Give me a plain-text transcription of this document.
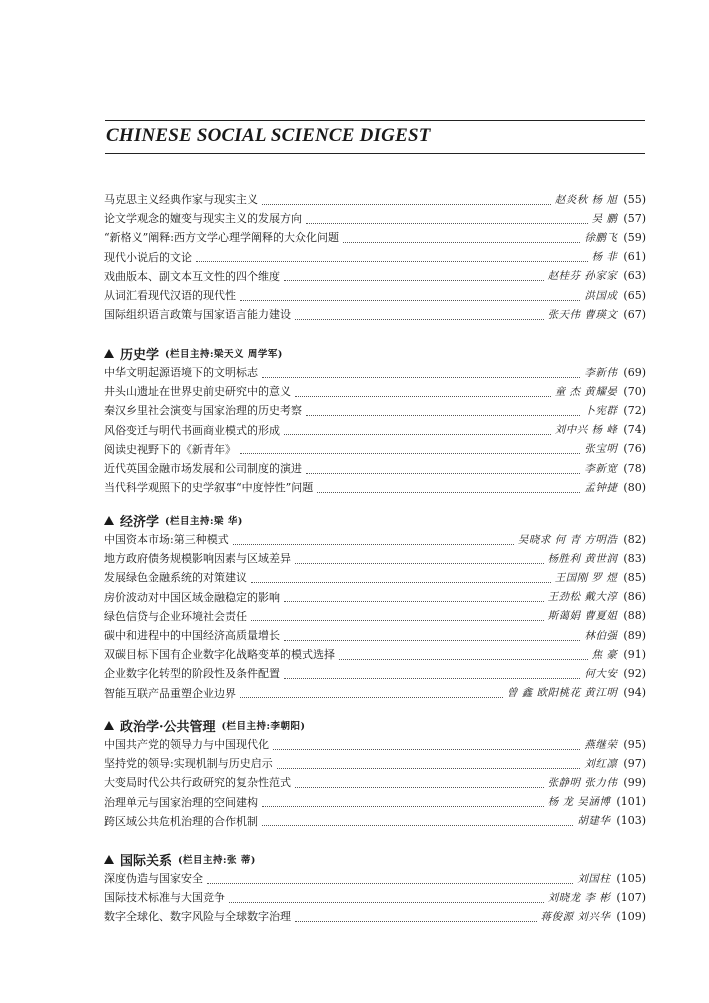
CHINESE SOCIAL SCIENCE DIGEST
马克思主义经典作家与现实主义	赵炎秋 杨 旭 (55)
论文学观念的嬗变与现实主义的发展方向	吴 鹏 (57)
“新格义”阐释:西方文学心理学阐释的大众化问题	徐鹏飞 (59)
现代小说后的文论	杨 非 (61)
戏曲版本、副文本互文性的四个维度	赵桂芬 孙家家 (63)
从词汇看现代汉语的现代性	洪国成 (65)
国际组织语言政策与国家语言能力建设	张天伟 曹瑛文 (67)
历史学 (栏目主持:梁天义 周学军)
中华文明起源语境下的文明标志	李新伟 (69)
井头山遗址在世界史前史研究中的意义	童 杰 黄耀晏 (70)
秦汉乡里社会演变与国家治理的历史考察	卜宪群 (72)
风俗变迁与明代书画商业模式的形成	刘中兴 杨 峰 (74)
阅读史视野下的《新青年》	张宝明 (76)
近代英国金融市场发展和公司制度的演进	李新宽 (78)
当代科学观照下的史学叙事“中度悖性”问题	孟钟捷 (80)
经济学 (栏目主持:梁 华)
中国资本市场:第三种模式	吴晓求 何 青 方明浩 (82)
地方政府债务规模影响因素与区域差异	杨胜利 黄世润 (83)
发展绿色金融系统的对策建议	王国刚 罗 煜 (85)
房价波动对中国区域金融稳定的影响	王劲松 戴大淳 (86)
绿色信贷与企业环境社会责任	斯蔼娟 曹夏姐 (88)
碳中和进程中的中国经济高质量增长	林伯强 (89)
双碳目标下国有企业数字化战略变革的模式选择	焦 豪 (91)
企业数字化转型的阶段性及条件配置	何大安 (92)
智能互联产品重塑企业边界	曾 鑫 欧阳桃花 黄江明 (94)
政治学·公共管理 (栏目主持:李朝阳)
中国共产党的领导力与中国现代化	燕继荣 (95)
坚持党的领导:实现机制与历史启示	刘红凛 (97)
大变局时代公共行政研究的复杂性范式	张静明 张力伟 (99)
治理单元与国家治理的空间建构	杨 龙 吴涵博 (101)
跨区域公共危机治理的合作机制	胡建华 (103)
国际关系 (栏目主持:张 蒂)
深度伪造与国家安全	刘国柱 (105)
国际技术标准与大国竞争	刘晓龙 李 彬 (107)
数字全球化、数字风险与全球数字治理	蒋俊源 刘兴华 (109)
